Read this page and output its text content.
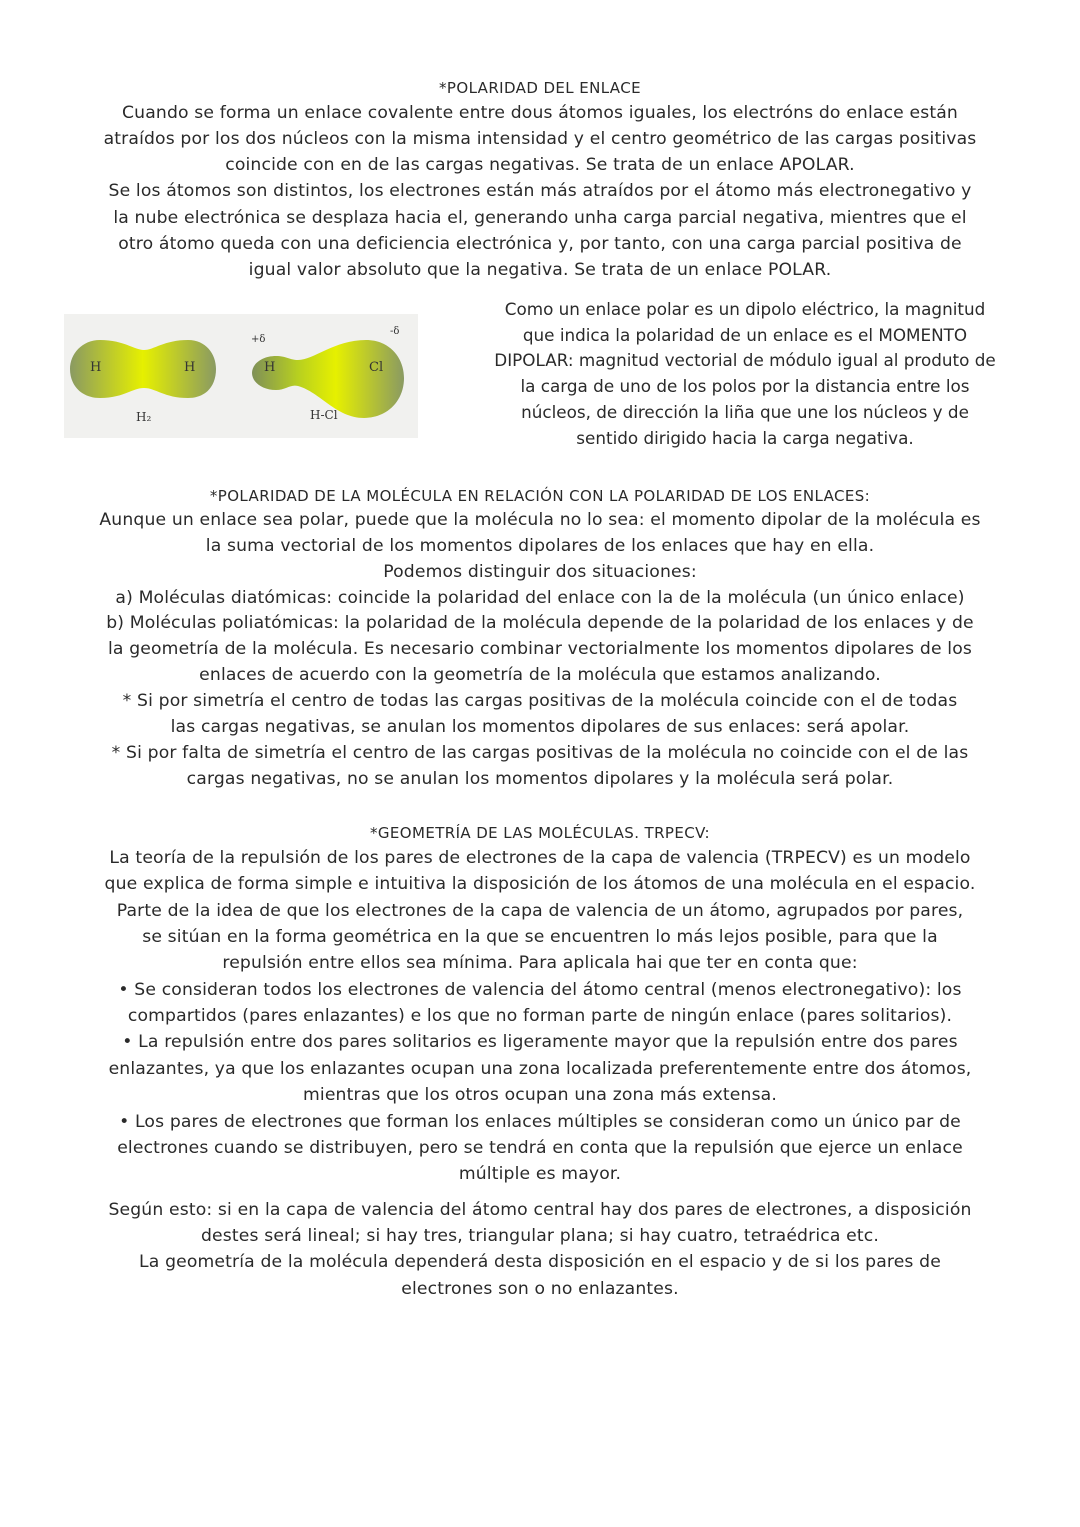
*POLARIDAD DEL ENLACE
Cuando se forma un enlace covalente entre dous átomos iguales, los electróns do enlace están
atraídos por los dos núcleos con la misma intensidad y el centro geométrico de las cargas positivas
coincide con en de las cargas negativas. Se trata de un enlace APOLAR.
Se los átomos son distintos, los electrones están más atraídos por el átomo más electronegativo y
la nube electrónica se desplaza hacia el, generando unha carga parcial negativa, mientres que el
otro átomo queda con una deficiencia electrónica y, por tanto, con una carga parcial positiva de
igual valor absoluto que la negativa. Se trata de un enlace POLAR.
H	H
H₂
+δ
-δ
H	Cl
H-Cl
Como un enlace polar es un dipolo eléctrico, la magnitud
que indica la polaridad de un enlace es el MOMENTO
DIPOLAR: magnitud vectorial de módulo igual al produto de
la carga de uno de los polos por la distancia entre los
núcleos, de dirección la liña que une los núcleos y de
sentido dirigido hacia la carga negativa.
*POLARIDAD DE LA MOLÉCULA EN RELACIÓN CON LA POLARIDAD DE LOS ENLACES:
Aunque un enlace sea polar, puede que la molécula no lo sea: el momento dipolar de la molécula es
la suma vectorial de los momentos dipolares de los enlaces que hay en ella.
Podemos distinguir dos situaciones:
a) Moléculas diatómicas: coincide la polaridad del enlace con la de la molécula (un único enlace)
b) Moléculas poliatómicas: la polaridad de la molécula depende de la polaridad de los enlaces y de
la geometría de la molécula. Es necesario combinar vectorialmente los momentos dipolares de los
enlaces de acuerdo con la geometría de la molécula que estamos analizando.
* Si por simetría el centro de todas las cargas positivas de la molécula coincide con el de todas
las cargas negativas, se anulan los momentos dipolares de sus enlaces: será apolar.
* Si por falta de simetría el centro de las cargas positivas de la molécula no coincide con el de las
cargas negativas, no se anulan los momentos dipolares y la molécula será polar.
*GEOMETRÍA DE LAS MOLÉCULAS. TRPECV:
La teoría de la repulsión de los pares de electrones de la capa de valencia (TRPECV) es un modelo
que explica de forma simple e intuitiva la disposición de los átomos de una molécula en el espacio.
Parte de la idea de que los electrones de la capa de valencia de un átomo, agrupados por pares,
se sitúan en la forma geométrica en la que se encuentren lo más lejos posible, para que la
repulsión entre ellos sea mínima. Para aplicala hai que ter en conta que:
• Se consideran todos los electrones de valencia del átomo central (menos electronegativo): los
compartidos (pares enlazantes) e los que no forman parte de ningún enlace (pares solitarios).
• La repulsión entre dos pares solitarios es ligeramente mayor que la repulsión entre dos pares
enlazantes, ya que los enlazantes ocupan una zona localizada preferentemente entre dos átomos,
mientras que los otros ocupan una zona más extensa.
• Los pares de electrones que forman los enlaces múltiples se consideran como un único par de
electrones cuando se distribuyen, pero se tendrá en conta que la repulsión que ejerce un enlace
múltiple es mayor.
Según esto: si en la capa de valencia del átomo central hay dos pares de electrones, a disposición
destes será lineal; si hay tres, triangular plana; si hay cuatro, tetraédrica etc.
La geometría de la molécula dependerá desta disposición en el espacio y de si los pares de
electrones son o no enlazantes.
